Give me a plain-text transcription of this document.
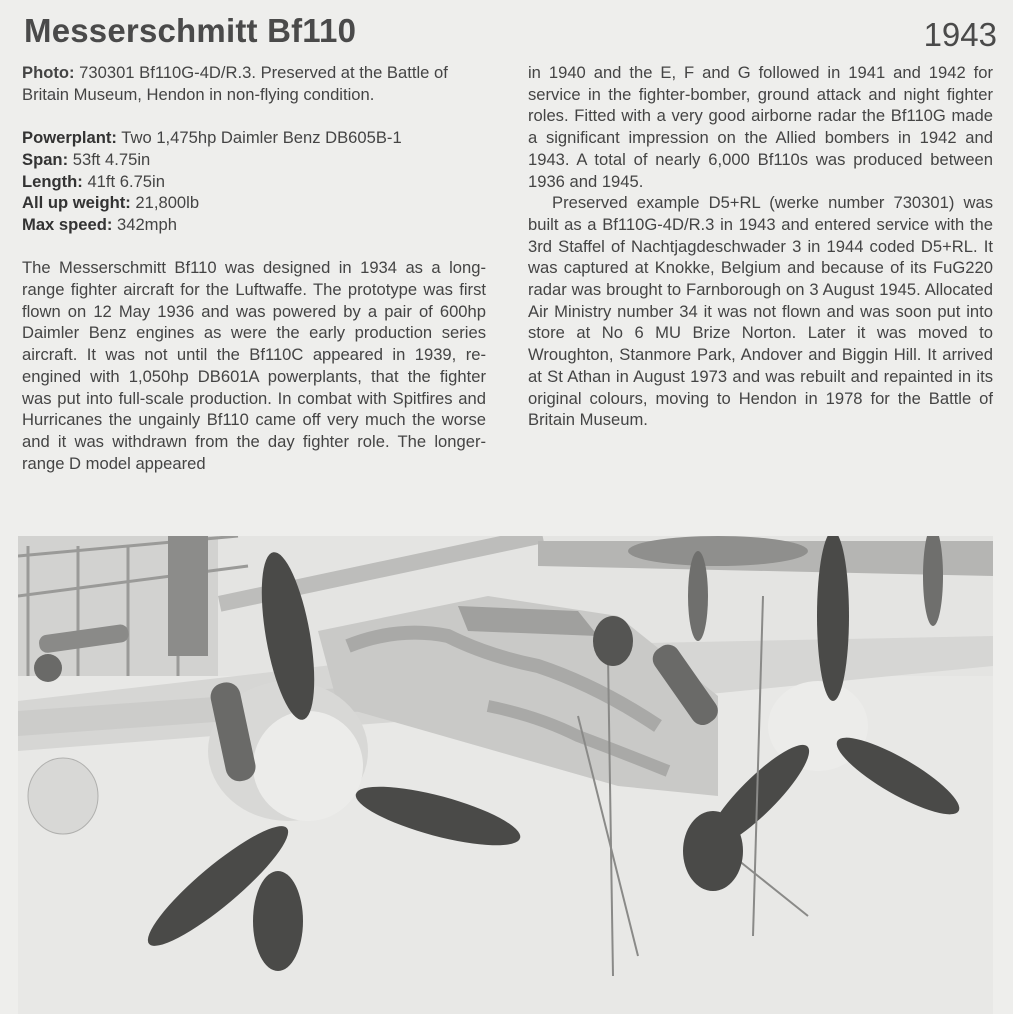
Messerschmitt Bf110	1943

Photo: 730301 Bf110G-4D/R.3. Preserved at the Battle of Britain Museum, Hendon in non-flying condition.

Powerplant: Two 1,475hp Daimler Benz DB605B-1

Span: 53ft 4.75in

Length: 41ft 6.75in

All up weight: 21,800lb

Max speed: 342mph

The Messerschmitt Bf110 was designed in 1934 as a long-range fighter aircraft for the Luftwaffe. The prototype was first flown on 12 May 1936 and was powered by a pair of 600hp Daimler Benz engines as were the early production series aircraft. It was not until the Bf110C appeared in 1939, re-engined with 1,050hp DB601A powerplants, that the fighter was put into full-scale production. In combat with Spitfires and Hurricanes the ungainly Bf110 came off very much the worse and it was withdrawn from the day fighter role. The longer-range D model appeared

in 1940 and the E, F and G followed in 1941 and 1942 for service in the fighter-bomber, ground attack and night fighter roles. Fitted with a very good airborne radar the Bf110G made a significant impression on the Allied bombers in 1942 and 1943. A total of nearly 6,000 Bf110s was produced between 1936 and 1945.

Preserved example D5+RL (werke number 730301) was built as a Bf110G-4D/R.3 in 1943 and entered service with the 3rd Staffel of Nachtjagdeschwader 3 in 1944 coded D5+RL. It was captured at Knokke, Belgium and because of its FuG220 radar was brought to Farnborough on 3 August 1945. Allocated Air Ministry number 34 it was not flown and was soon put into store at No 6 MU Brize Norton. Later it was moved to Wroughton, Stanmore Park, Andover and Biggin Hill. It arrived at St Athan in August 1973 and was rebuilt and repainted in its original colours, moving to Hendon in 1978 for the Battle of Britain Museum.
